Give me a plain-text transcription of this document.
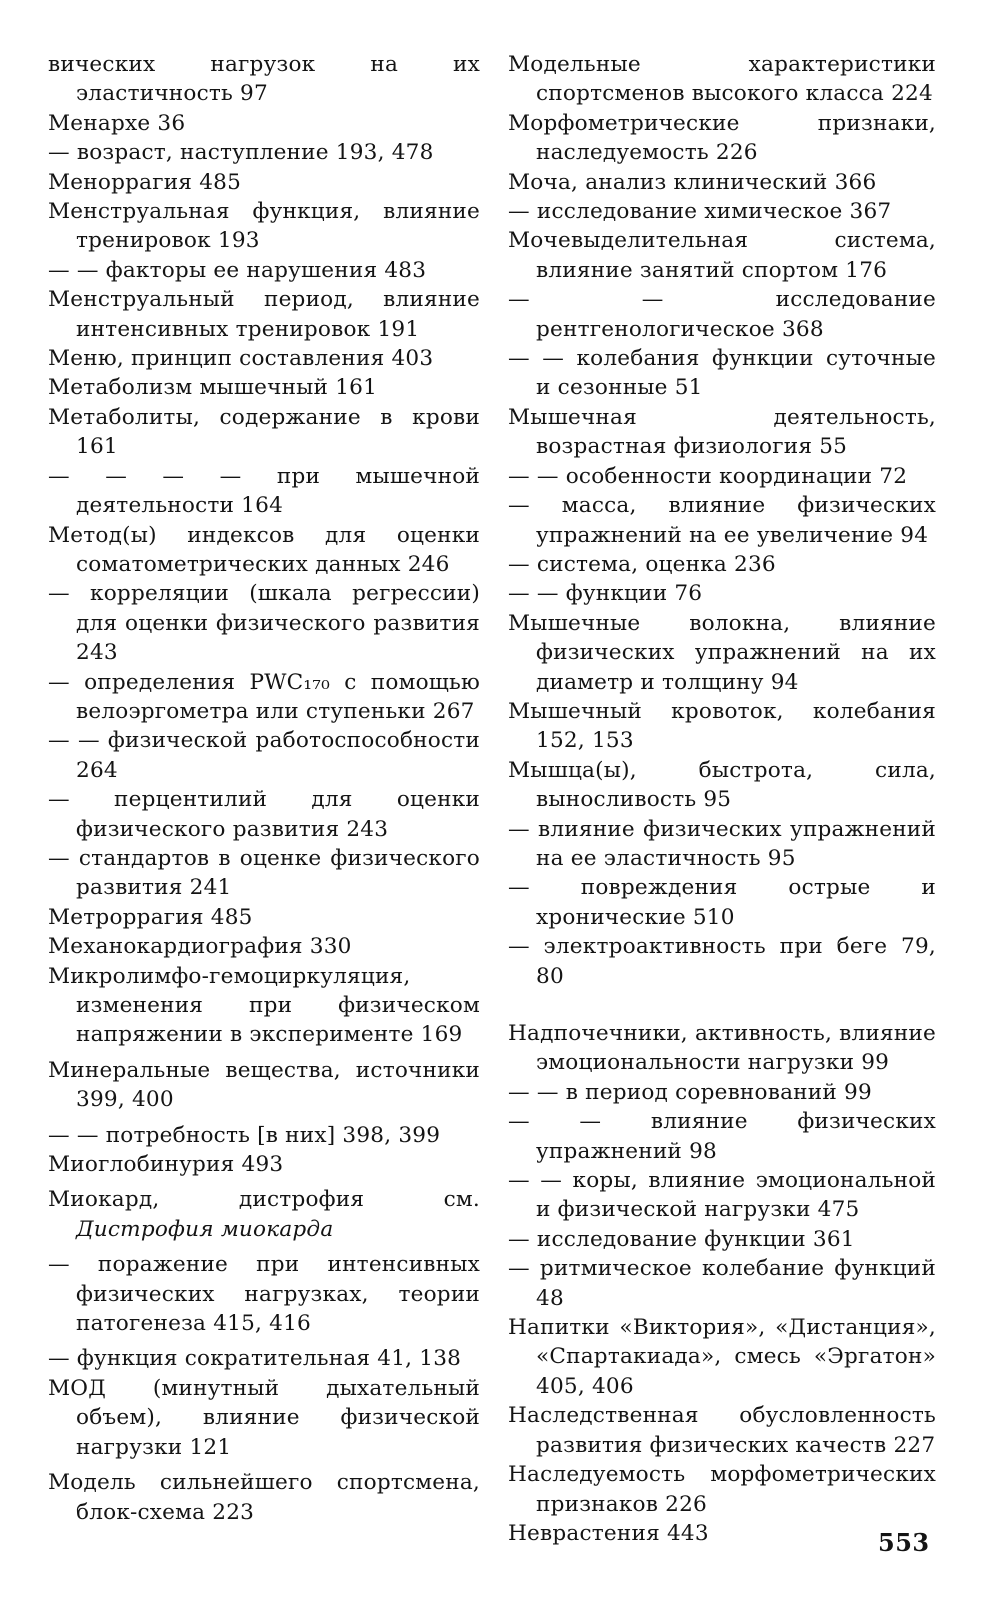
вических нагрузок на их эластичность 97

Менархе 36

— возраст, наступление 193, 478

Меноррагия 485

Менструальная функция, влияние тренировок 193

— — факторы ее нарушения 483

Менструальный период, влияние интенсивных тренировок 191

Меню, принцип составления 403

Метаболизм мышечный 161

Метаболиты, содержание в крови 161

— — — — при мышечной деятельности 164

Метод(ы) индексов для оценки соматометрических данных 246

— корреляции (шкала регрессии) для оценки физического развития 243

— определения PWC₁₇₀ с помощью велоэргометра или ступеньки 267

— — физической работоспособности 264

— перцентилий для оценки физического развития 243

— стандартов в оценке физического развития 241

Метроррагия 485

Механокардиография 330

Микролимфо-гемоциркуляция, изменения при физическом напряжении в эксперименте 169

Минеральные вещества, источники 399, 400

— — потребность [в них] 398, 399

Миоглобинурия 493

Миокард, дистрофия см. Дистрофия миокарда

— поражение при интенсивных физических нагрузках, теории патогенеза 415, 416

— функция сократительная 41, 138

МОД (минутный дыхательный объем), влияние физической нагрузки 121

Модель сильнейшего спортсмена, блок-схема 223

Модельные характеристики спортсменов высокого класса 224

Морфометрические признаки, наследуемость 226

Моча, анализ клинический 366

— исследование химическое 367

Мочевыделительная система, влияние занятий спортом 176

— — исследование рентгенологическое 368

— — колебания функции суточные и сезонные 51

Мышечная деятельность, возрастная физиология 55

— — особенности координации 72

— масса, влияние физических упражнений на ее увеличение 94

— система, оценка 236

— — функции 76

Мышечные волокна, влияние физических упражнений на их диаметр и толщину 94

Мышечный кровоток, колебания 152, 153

Мышца(ы), быстрота, сила, выносливость 95

— влияние физических упражнений на ее эластичность 95

— повреждения острые и хронические 510

— электроактивность при беге 79, 80

Надпочечники, активность, влияние эмоциональности нагрузки 99

— — в период соревнований 99

— — влияние физических упражнений 98

— — коры, влияние эмоциональной и физической нагрузки 475

— исследование функции 361

— ритмическое колебание функций 48

Напитки «Виктория», «Дистанция», «Спартакиада», смесь «Эргатон» 405, 406

Наследственная обусловленность развития физических качеств 227

Наследуемость морфометрических признаков 226

Неврастения 443	553
